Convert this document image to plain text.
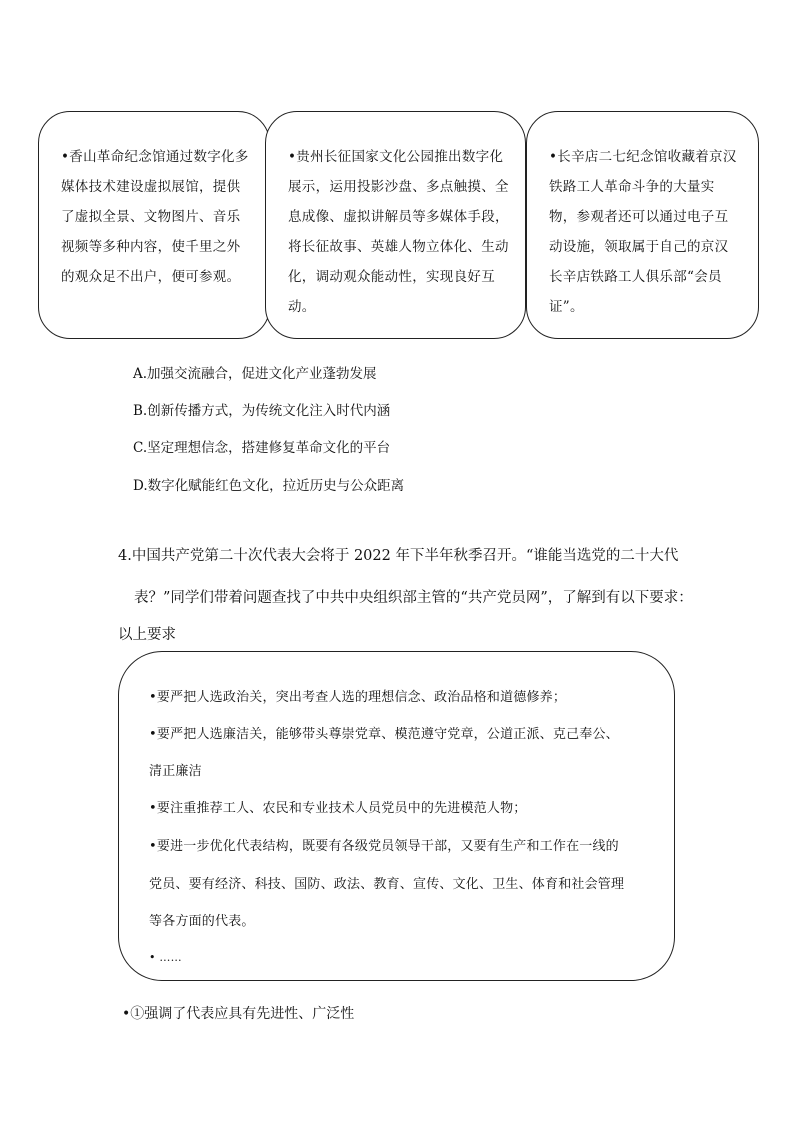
•香山革命纪念馆通过数字化多媒体技术建设虚拟展馆，提供了虚拟全景、文物图片、音乐视频等多种内容，使千里之外的观众足不出户，便可参观。

•贵州长征国家文化公园推出数字化展示，运用投影沙盘、多点触摸、全息成像、虚拟讲解员等多媒体手段，将长征故事、英雄人物立体化、生动化，调动观众能动性，实现良好互动。

•长辛店二七纪念馆收藏着京汉铁路工人革命斗争的大量实物，参观者还可以通过电子互动设施，领取属于自己的京汉长辛店铁路工人俱乐部“会员证”。

A.加强交流融合，促进文化产业蓬勃发展
B.创新传播方式，为传统文化注入时代内涵
C.坚定理想信念，搭建修复革命文化的平台
D.数字化赋能红色文化，拉近历史与公众距离
4.中国共产党第二十次代表大会将于 2022 年下半年秋季召开。“谁能当选党的二十大代
表？”同学们带着问题查找了中共中央组织部主管的“共产党员网”，了解到有以下要求：
以上要求
•要严把人选政治关，突出考查人选的理想信念、政治品格和道德修养；
•要严把人选廉洁关，能够带头尊崇党章、模范遵守党章，公道正派、克己奉公、
清正廉洁
•要注重推荐工人、农民和专业技术人员党员中的先进模范人物；
•要进一步优化代表结构，既要有各级党员领导干部，又要有生产和工作在一线的
党员、要有经济、科技、国防、政法、教育、宣传、文化、卫生、体育和社会管理
等各方面的代表。
• ……
•①强调了代表应具有先进性、广泛性
